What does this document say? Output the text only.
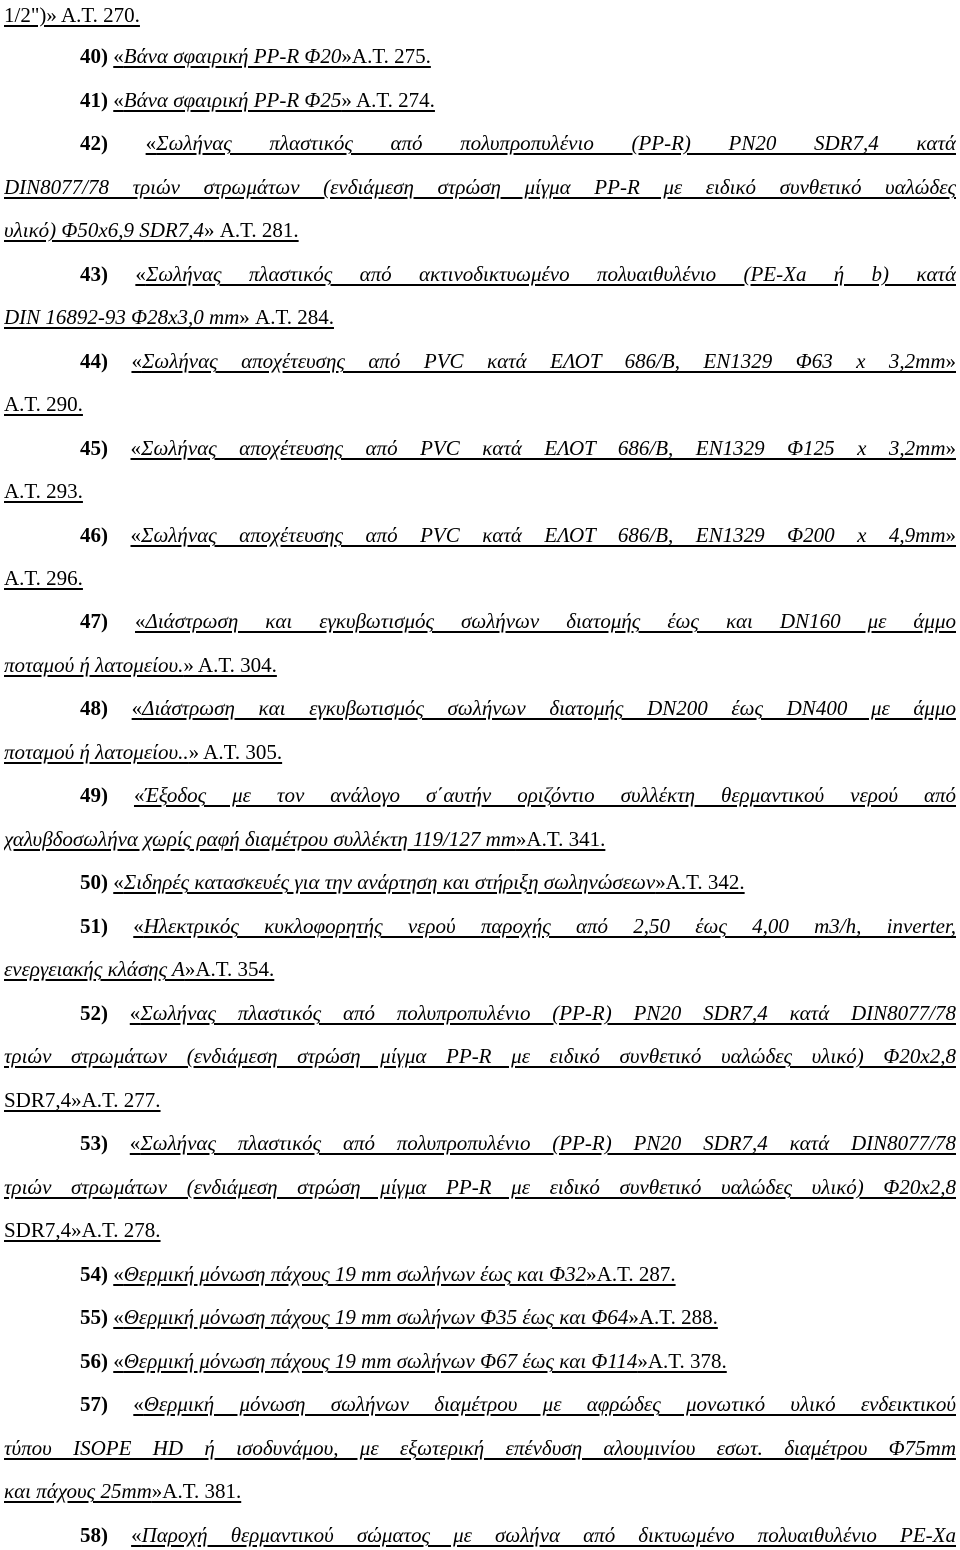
1/2")» Α.Τ. 270.
40) «Βάνα σφαιρική PP-R Φ20»Α.Τ. 275.
41) «Βάνα σφαιρική PP-R Φ25» Α.Τ. 274.
42) «Σωλήνας πλαστικός από πολυπροπυλένιο (PP-R) PN20 SDR7,4 κατά
DIN8077/78 τριών στρωμάτων (ενδιάμεση στρώση μίγμα PP-R με ειδικό συνθετικό υαλώδες
υλικό) Φ50x6,9 SDR7,4» Α.Τ. 281.
43) «Σωλήνας πλαστικός από ακτινοδικτυωμένο πολυαιθυλένιο (PE-Xa ή b) κατά
DIN 16892-93 Φ28x3,0 mm» Α.Τ. 284.
44) «Σωλήνας αποχέτευσης από PVC κατά ΕΛΟΤ 686/Β, ΕΝ1329 Φ63 x 3,2mm»
Α.Τ. 290.
45) «Σωλήνας αποχέτευσης από PVC κατά ΕΛΟΤ 686/Β, ΕΝ1329 Φ125 x 3,2mm»
Α.Τ. 293.
46) «Σωλήνας αποχέτευσης από PVC κατά ΕΛΟΤ 686/Β, ΕΝ1329 Φ200 x 4,9mm»
Α.Τ. 296.
47) «Διάστρωση και εγκυβωτισμός σωλήνων διατομής έως και DN160 με άμμο
ποταμού ή λατομείου.» Α.Τ. 304.
48) «Διάστρωση και εγκυβωτισμός σωλήνων διατομής DN200 έως DN400 με άμμο
ποταμού ή λατομείου..» Α.Τ. 305.
49) «Έξοδος με τον ανάλογο σ΄αυτήν οριζόντιο συλλέκτη θερμαντικού νερού από
χαλυβδοσωλήνα χωρίς ραφή διαμέτρου συλλέκτη 119/127 mm»Α.Τ. 341.
50) «Σιδηρές κατασκευές για την ανάρτηση και στήριξη σωληνώσεων»Α.Τ. 342.
51) «Ηλεκτρικός κυκλοφορητής νερού παροχής από 2,50 έως 4,00 m3/h, inverter,
ενεργειακής κλάσης Α»Α.Τ. 354.
52) «Σωλήνας πλαστικός από πολυπροπυλένιο (PP-R) PN20 SDR7,4 κατά DIN8077/78
τριών στρωμάτων (ενδιάμεση στρώση μίγμα PP-R με ειδικό συνθετικό υαλώδες υλικό) Φ20x2,8
SDR7,4»Α.Τ. 277.
53) «Σωλήνας πλαστικός από πολυπροπυλένιο (PP-R) PN20 SDR7,4 κατά DIN8077/78
τριών στρωμάτων (ενδιάμεση στρώση μίγμα PP-R με ειδικό συνθετικό υαλώδες υλικό) Φ20x2,8
SDR7,4»Α.Τ. 278.
54) «Θερμική μόνωση πάχους 19 mm σωλήνων έως και Φ32»Α.Τ. 287.
55) «Θερμική μόνωση πάχους 19 mm σωλήνων Φ35 έως και Φ64»Α.Τ. 288.
56) «Θερμική μόνωση πάχους 19 mm σωλήνων Φ67 έως και Φ114»Α.Τ. 378.
57) «Θερμική μόνωση σωλήνων διαμέτρου με αφρώδες μονωτικό υλικό ενδεικτικού
τύπου ISOPE HD ή ισοδυνάμου, με εξωτερική επένδυση αλουμινίου εσωτ. διαμέτρου Φ75mm
και πάχους 25mm»Α.Τ. 381.
58) «Παροχή θερμαντικού σώματος με σωλήνα από δικτυωμένο πολυαιθυλένιο PE-Xa
